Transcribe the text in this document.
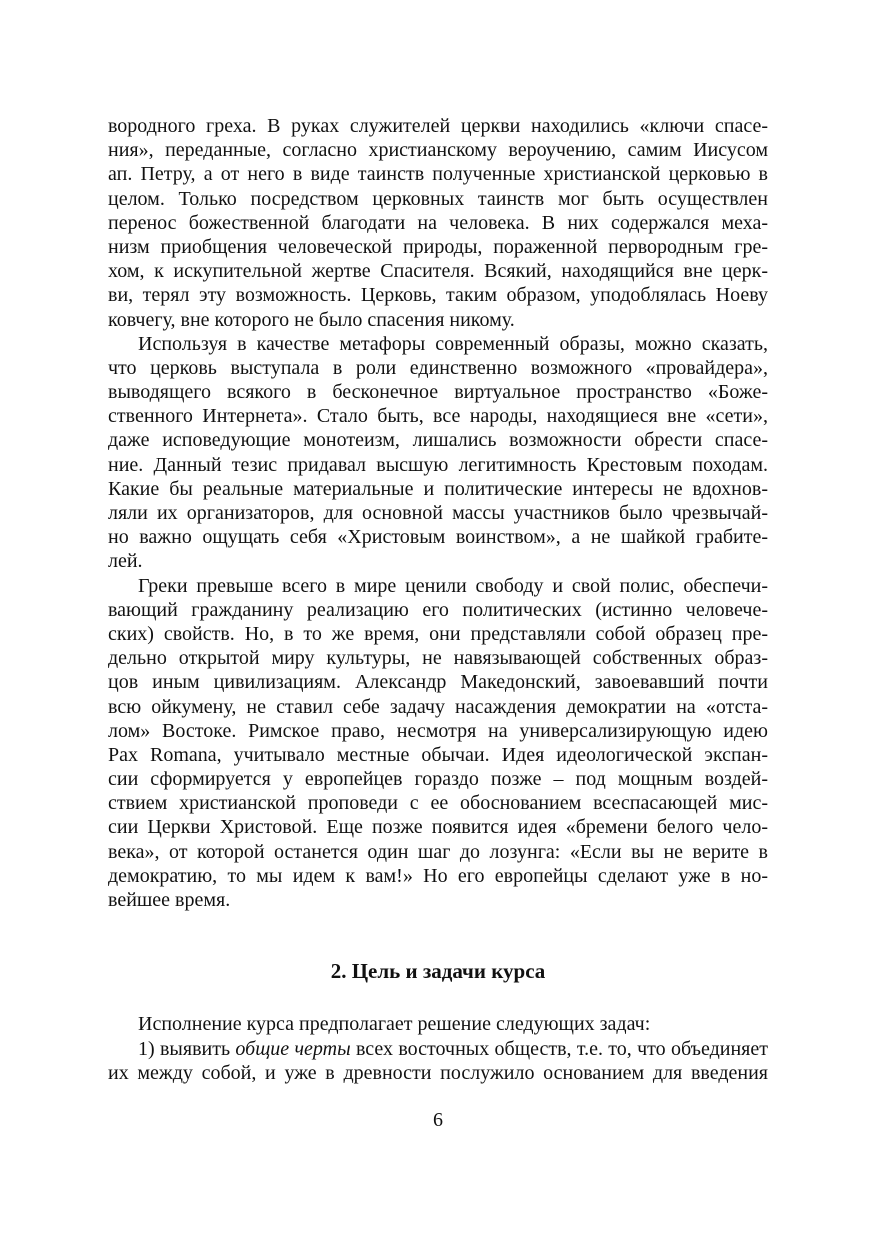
вородного греха. В руках служителей церкви находились «ключи спасе-
ния», переданные, согласно христианскому вероучению, самим Иисусом
ап. Петру, а от него в виде таинств полученные христианской церковью в
целом. Только посредством церковных таинств мог быть осуществлен
перенос божественной благодати на человека. В них содержался меха-
низм приобщения человеческой природы, пораженной первородным гре-
хом, к искупительной жертве Спасителя. Всякий, находящийся вне церк-
ви, терял эту возможность. Церковь, таким образом, уподоблялась Ноеву
ковчегу, вне которого не было спасения никому.
Используя в качестве метафоры современный образы, можно сказать,
что церковь выступала в роли единственно возможного «провайдера»,
выводящего всякого в бесконечное виртуальное пространство «Боже-
ственного Интернета». Стало быть, все народы, находящиеся вне «сети»,
даже исповедующие монотеизм, лишались возможности обрести спасе-
ние. Данный тезис придавал высшую легитимность Крестовым походам.
Какие бы реальные материальные и политические интересы не вдохнов-
ляли их организаторов, для основной массы участников было чрезвычай-
но важно ощущать себя «Христовым воинством», а не шайкой грабите-
лей.
Греки превыше всего в мире ценили свободу и свой полис, обеспечи-
вающий гражданину реализацию его политических (истинно человече-
ских) свойств. Но, в то же время, они представляли собой образец пре-
дельно открытой миру культуры, не навязывающей собственных образ-
цов иным цивилизациям. Александр Македонский, завоевавший почти
всю ойкумену, не ставил себе задачу насаждения демократии на «отста-
лом» Востоке. Римское право, несмотря на универсализирующую идею
Pax Romana, учитывало местные обычаи. Идея идеологической экспан-
сии сформируется у европейцев гораздо позже – под мощным воздей-
ствием христианской проповеди с ее обоснованием всеспасающей мис-
сии Церкви Христовой. Еще позже появится идея «бремени белого чело-
века», от которой останется один шаг до лозунга: «Если вы не верите в
демократию, то мы идем к вам!» Но его европейцы сделают уже в но-
вейшее время.
2. Цель и задачи курса
Исполнение курса предполагает решение следующих задач:
1) выявить общие черты всех восточных обществ, т.е. то, что объединяет
их между собой, и уже в древности послужило основанием для введения
6
